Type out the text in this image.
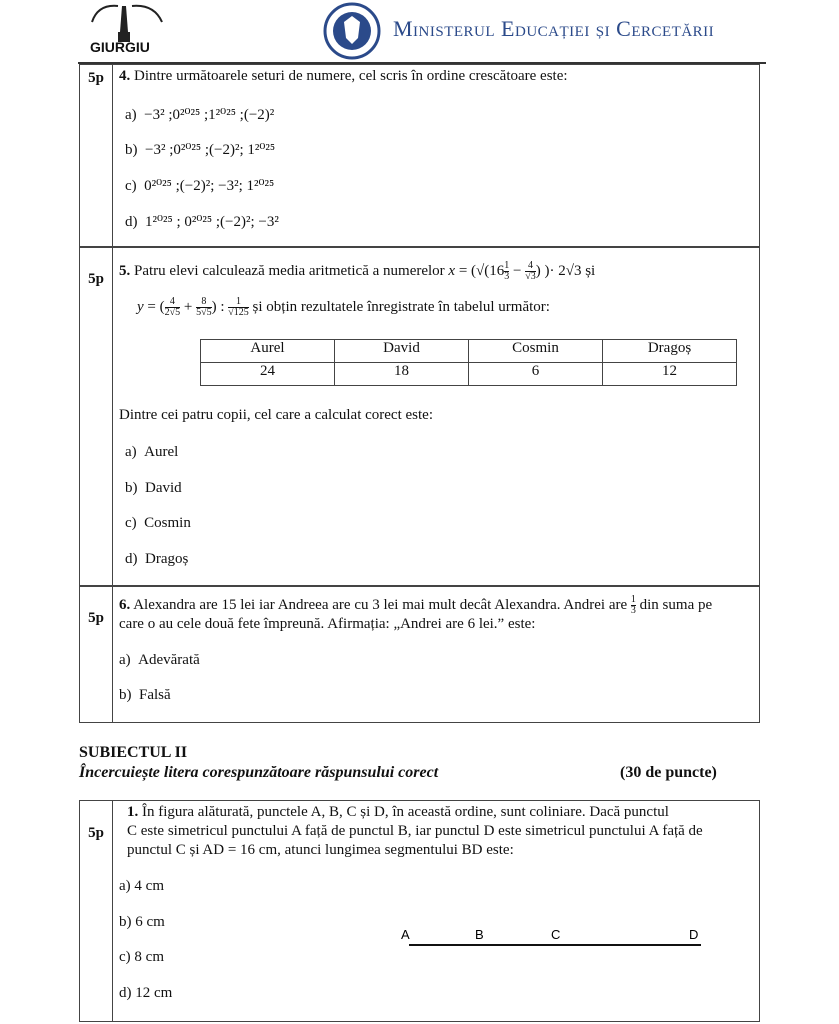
GIURGIU
Ministerul Educației și Cercetării
5p	4. Dintre următoarele seturi de numere, cel scris în ordine crescătoare este:
a) −3² ;0²⁰²⁵ ;1²⁰²⁵ ;(−2)²
b) −3² ;0²⁰²⁵ ;(−2)²; 1²⁰²⁵
c) 0²⁰²⁵ ;(−2)²; −3²; 1²⁰²⁵
d) 1²⁰²⁵ ; 0²⁰²⁵ ;(−2)²; −3²
5p

5. Patru elevi calculează media aritmetică a numerelor $x = (√(16 \frac{1}{3} - \frac{4}{√3}$ ) )· 2√3 și
y = ( $\frac{4}{2√5} + \frac{8}{5√5}$ ) : $\frac{1}{√125}$ și obțin rezultatele înregistrate în tabelul următor:
Aurel	David	Cosmin	Dragoș
24	18	6	12
Dintre cei patru copii, cel care a calculat corect este:
a) Aurel
b) David
c) Cosmin
d) Dragoș
5p

6. Alexandra are 15 lei iar Andreea are cu 3 lei mai mult decât Alexandra. Andrei are $\frac{1}{3}$ din suma pe
care o au cele două fete împreună. Afirmația: „Andrei are 6 lei.” este:
a) Adevărată
b) Falsă
SUBIECTUL II
Încercuiește litera corespunzătoare răspunsului corect	(30 de puncte)
5p

1. În figura alăturată, punctele A, B, C și D, în această ordine, sunt coliniare. Dacă punctul
C este simetricul punctului A față de punctul B, iar punctul D este simetricul punctului A față de
punctul C și AD = 16 cm, atunci lungimea segmentului BD este:
a) 4 cm
b) 6 cm
c) 8 cm
d) 12 cm
A	B	C	D
